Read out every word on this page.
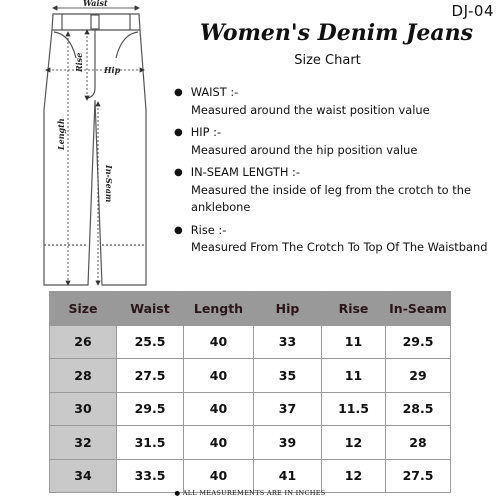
DJ-04
Women's Denim Jeans
Size Chart
Waist
Rise	Hip
Length
In-Seam
● WAIST :-
Measured around the waist position value
● HIP :-
Measured around the hip position value
● IN-SEAM LENGTH :-
Measured the inside of leg from the crotch to the anklebone
● Rise :-
Measured From The Crotch To Top Of The Waistband
Size	Waist	Length	Hip	Rise	In-Seam
26	25.5	40	33	11	29.5
28	27.5	40	35	11	29
30	29.5	40	37	11.5	28.5
32	31.5	40	39	12	28
34	33.5	40	41	12	27.5
● ALL MEASUREMENTS ARE IN INCHES
